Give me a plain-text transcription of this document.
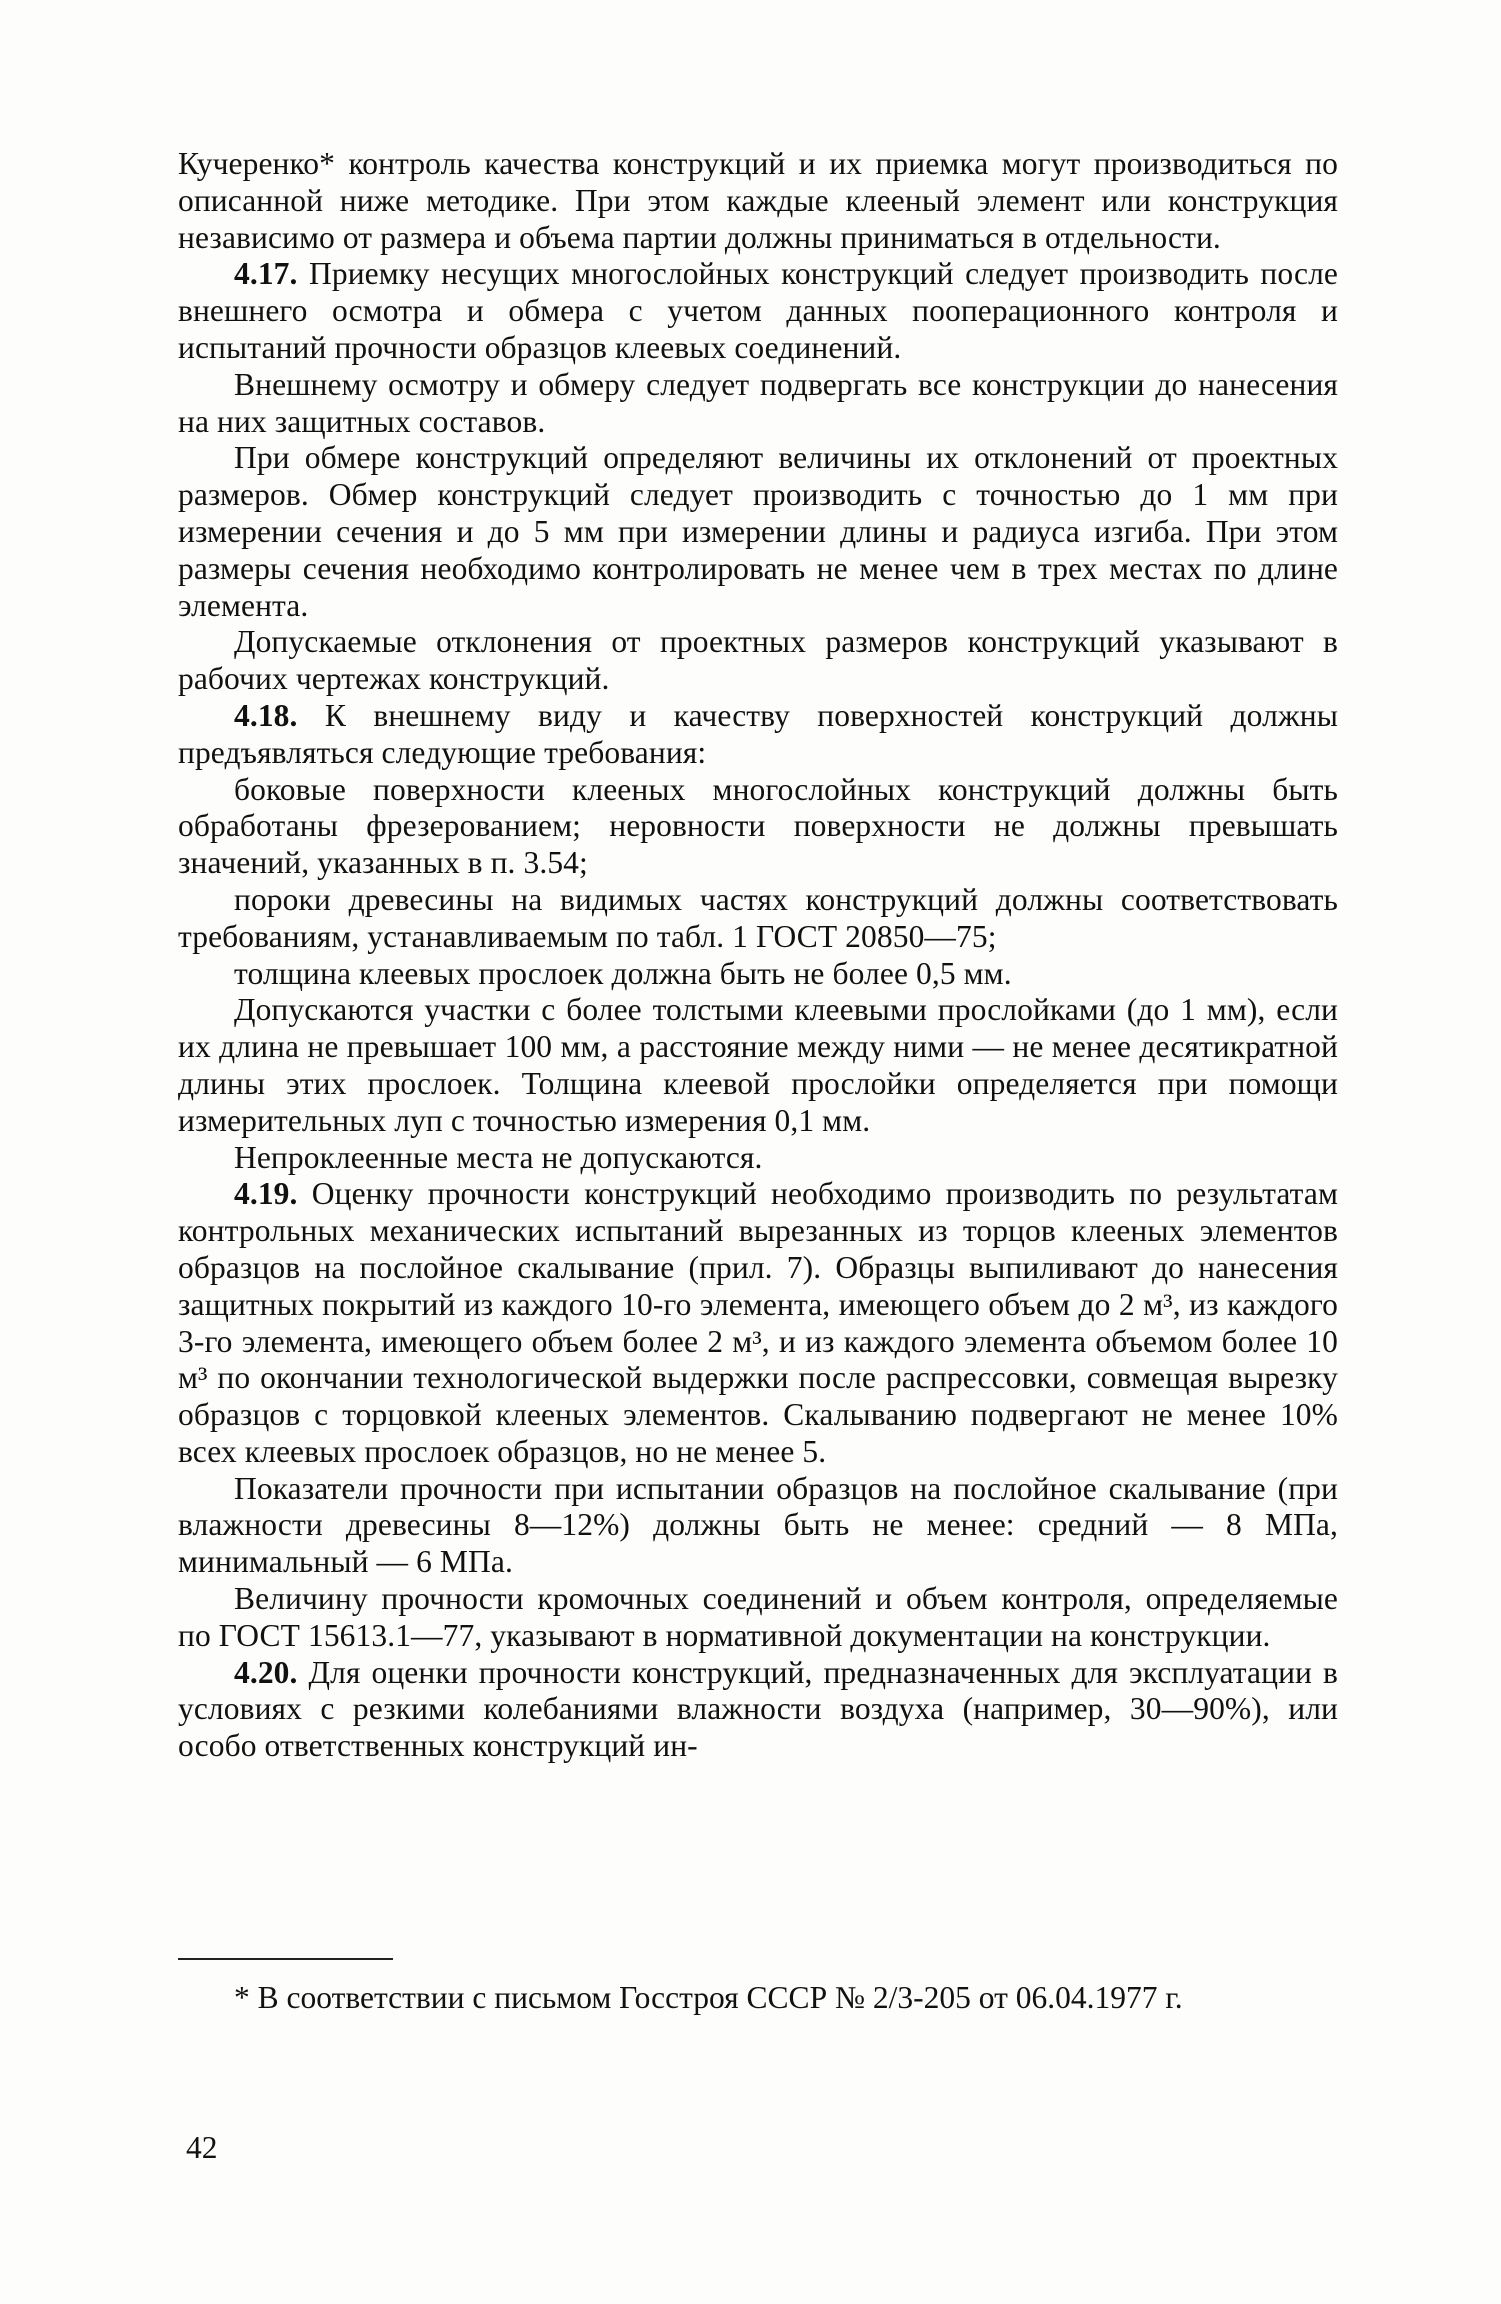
Кучеренко* контроль качества конструкций и их приемка могут производиться по описанной ниже методике. При этом каждые клееный элемент или конструкция независимо от размера и объема партии должны приниматься в отдельности.

4.17. Приемку несущих многослойных конструкций следует производить после внешнего осмотра и обмера с учетом данных пооперационного контроля и испытаний прочности образцов клеевых соединений.

Внешнему осмотру и обмеру следует подвергать все конструкции до нанесения на них защитных составов.

При обмере конструкций определяют величины их отклонений от проектных размеров. Обмер конструкций следует производить с точностью до 1 мм при измерении сечения и до 5 мм при измерении длины и радиуса изгиба. При этом размеры сечения необходимо контролировать не менее чем в трех местах по длине элемента.

Допускаемые отклонения от проектных размеров конструкций указывают в рабочих чертежах конструкций.

4.18. К внешнему виду и качеству поверхностей конструкций должны предъявляться следующие требования:

боковые поверхности клееных многослойных конструкций должны быть обработаны фрезерованием; неровности поверхности не должны превышать значений, указанных в п. 3.54;

пороки древесины на видимых частях конструкций должны соответствовать требованиям, устанавливаемым по табл. 1 ГОСТ 20850—75;

толщина клеевых прослоек должна быть не более 0,5 мм.

Допускаются участки с более толстыми клеевыми прослойками (до 1 мм), если их длина не превышает 100 мм, а расстояние между ними — не менее десятикратной длины этих прослоек. Толщина клеевой прослойки определяется при помощи измерительных луп с точностью измерения 0,1 мм.

Непроклеенные места не допускаются.

4.19. Оценку прочности конструкций необходимо производить по результатам контрольных механических испытаний вырезанных из торцов клееных элементов образцов на послойное скалывание (прил. 7). Образцы выпиливают до нанесения защитных покрытий из каждого 10-го элемента, имеющего объем до 2 м³, из каждого 3-го элемента, имеющего объем более 2 м³, и из каждого элемента объемом более 10 м³ по окончании технологической выдержки после распрессовки, совмещая вырезку образцов с торцовкой клееных элементов. Скалыванию подвергают не менее 10% всех клеевых прослоек образцов, но не менее 5.

Показатели прочности при испытании образцов на послойное скалывание (при влажности древесины 8—12%) должны быть не менее: средний — 8 МПа, минимальный — 6 МПа.

Величину прочности кромочных соединений и объем контроля, определяемые по ГОСТ 15613.1—77, указывают в нормативной документации на конструкции.

4.20. Для оценки прочности конструкций, предназначенных для эксплуатации в условиях с резкими колебаниями влажности воздуха (например, 30—90%), или особо ответственных конструкций ин-

* В соответствии с письмом Госстроя СССР № 2/3-205 от 06.04.1977 г.
42
